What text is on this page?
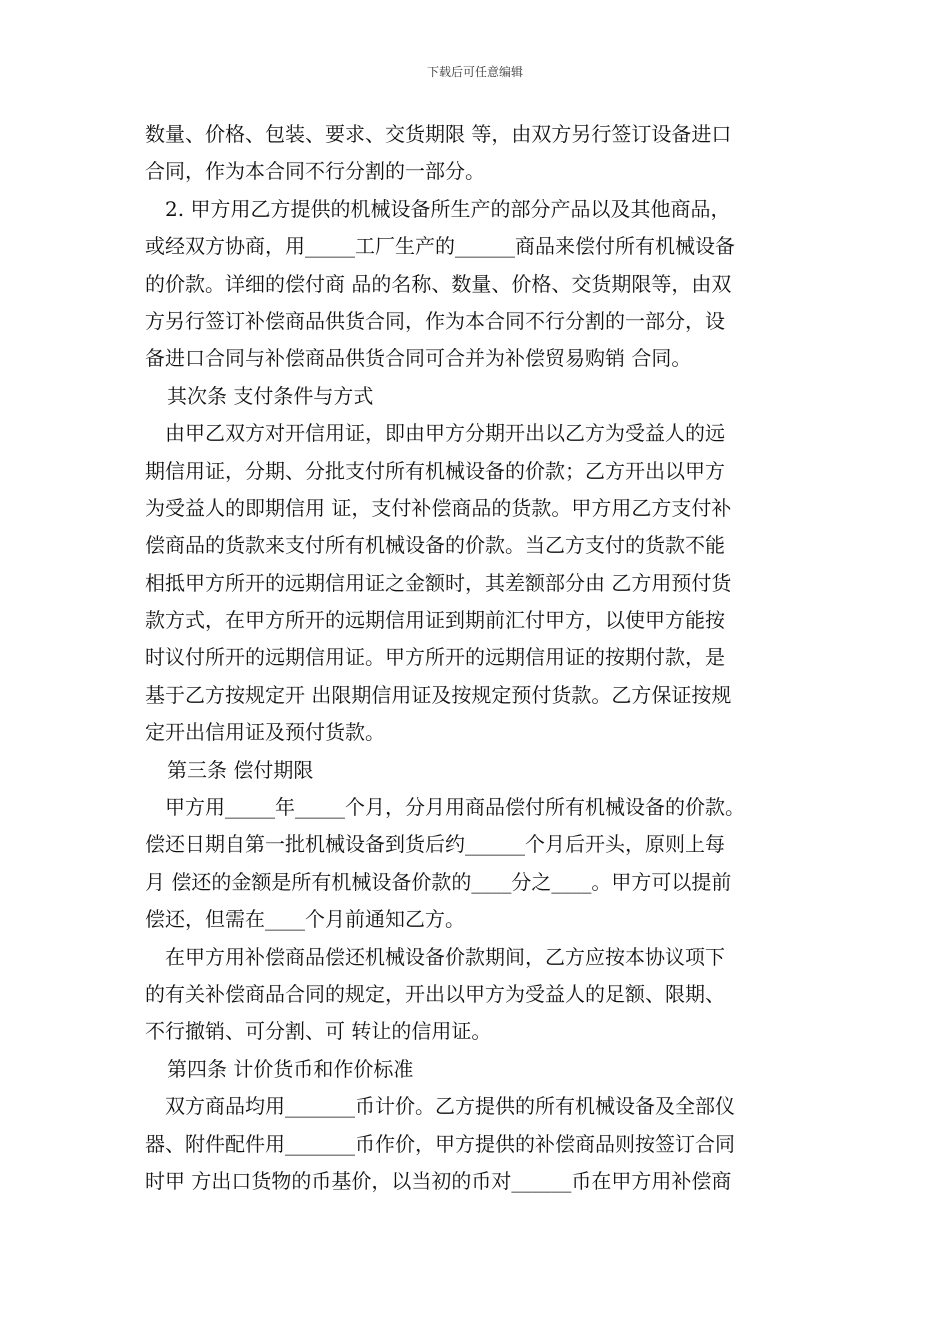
下载后可任意编辑
数量、价格、包装、要求、交货期限 等，由双方另行签订设备进口
合同，作为本合同不行分割的一部分。
2. 甲方用乙方提供的机械设备所生产的部分产品以及其他商品，
或经双方协商，用_____工厂生产的______商品来偿付所有机械设备
的价款。详细的偿付商 品的名称、数量、价格、交货期限等，由双
方另行签订补偿商品供货合同，作为本合同不行分割的一部分，设
备进口合同与补偿商品供货合同可合并为补偿贸易购销 合同。
其次条 支付条件与方式
由甲乙双方对开信用证，即由甲方分期开出以乙方为受益人的远
期信用证，分期、分批支付所有机械设备的价款；乙方开出以甲方
为受益人的即期信用 证，支付补偿商品的货款。甲方用乙方支付补
偿商品的货款来支付所有机械设备的价款。当乙方支付的货款不能
相抵甲方所开的远期信用证之金额时，其差额部分由 乙方用预付货
款方式，在甲方所开的远期信用证到期前汇付甲方，以使甲方能按
时议付所开的远期信用证。甲方所开的远期信用证的按期付款，是
基于乙方按规定开 出限期信用证及按规定预付货款。乙方保证按规
定开出信用证及预付货款。
第三条 偿付期限
甲方用_____年_____个月，分月用商品偿付所有机械设备的价款。
偿还日期自第一批机械设备到货后约______个月后开头，原则上每
月 偿还的金额是所有机械设备价款的____分之____。甲方可以提前
偿还，但需在____个月前通知乙方。
在甲方用补偿商品偿还机械设备价款期间，乙方应按本协议项下
的有关补偿商品合同的规定，开出以甲方为受益人的足额、限期、
不行撤销、可分割、可 转让的信用证。
第四条 计价货币和作价标准
双方商品均用_______币计价。乙方提供的所有机械设备及全部仪
器、附件配件用_______币作价，甲方提供的补偿商品则按签订合同
时甲 方出口货物的币基价，以当初的币对______币在甲方用补偿商
